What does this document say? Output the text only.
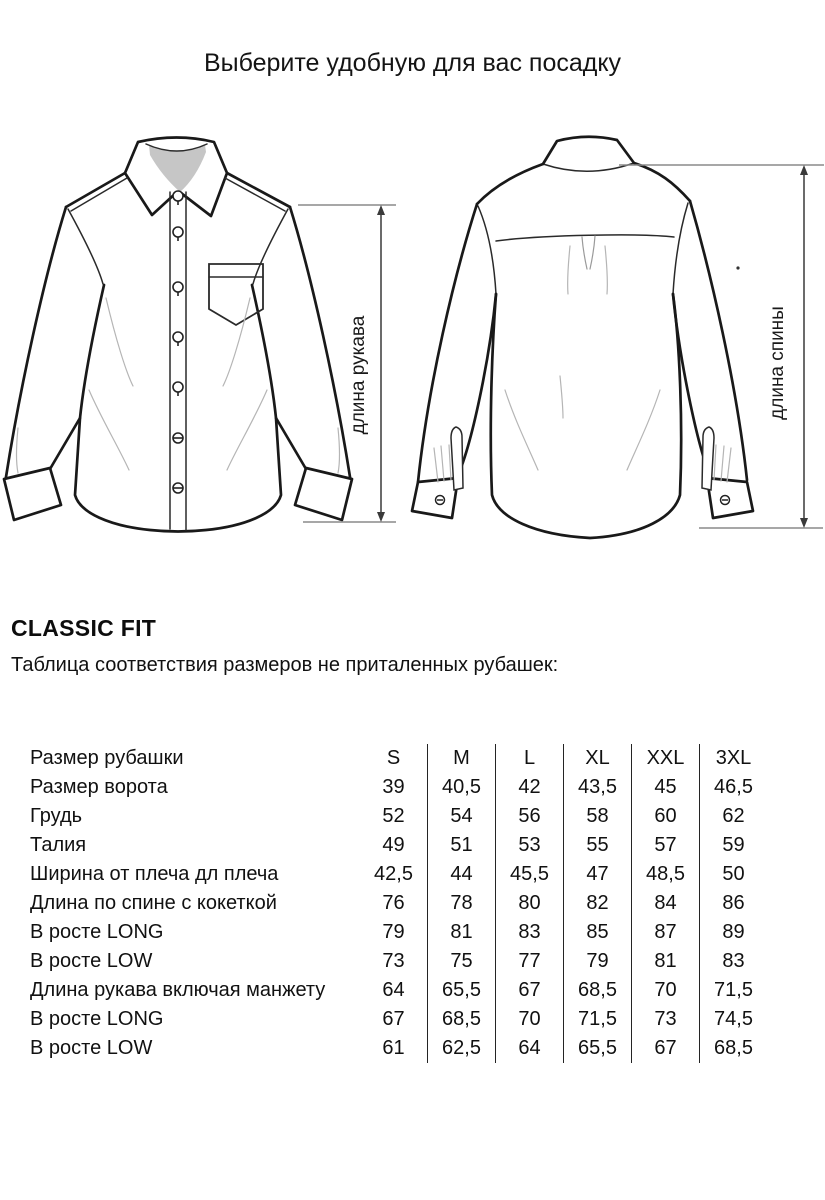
Выберите удобную для вас посадку
длина рукава	длина спины
CLASSIC FIT

Таблица соответствия размеров не приталенных рубашек:

Размер рубашки	S	M	L	XL	XXL	3XL
Размер ворота	39	40,5	42	43,5	45	46,5
Грудь	52	54	56	58	60	62
Талия	49	51	53	55	57	59
Ширина от плеча дл плеча	42,5	44	45,5	47	48,5	50
Длина по спине с кокеткой	76	78	80	82	84	86
В росте LONG	79	81	83	85	87	89
В росте LOW	73	75	77	79	81	83
Длина рукава включая манжету	64	65,5	67	68,5	70	71,5
В росте LONG	67	68,5	70	71,5	73	74,5
В росте LOW	61	62,5	64	65,5	67	68,5
